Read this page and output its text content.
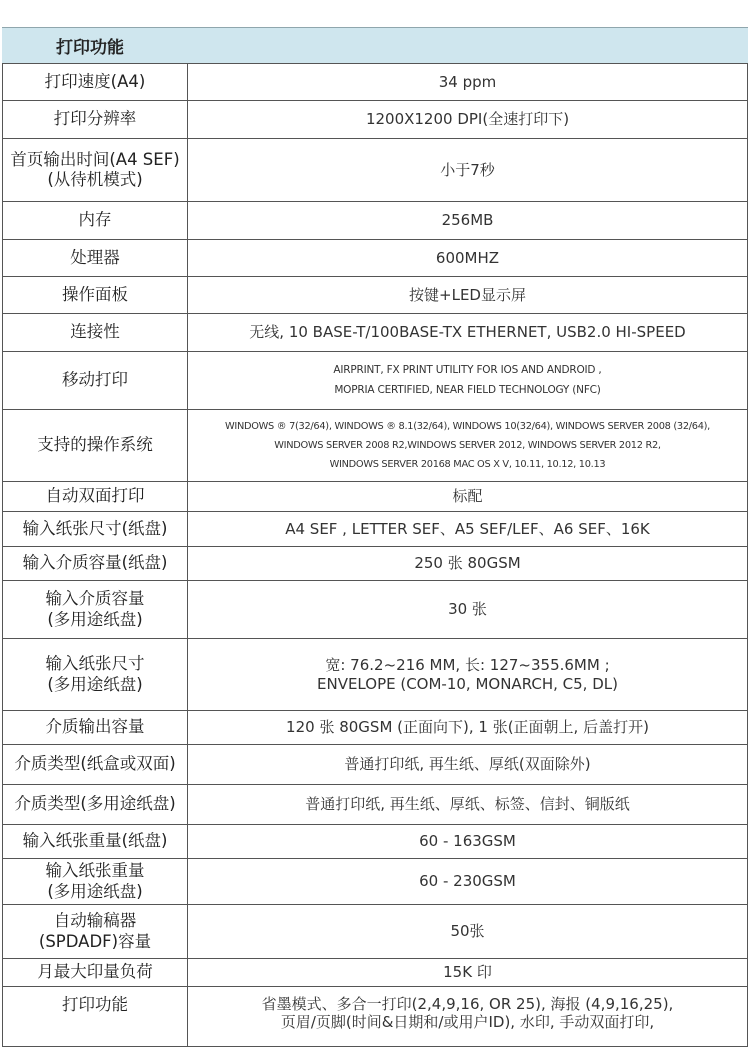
打印功能
打印速度(A4)	34 ppm
打印分辨率	1200X1200 DPI(全速打印下)
首页输出时间(A4 SEF)
(从待机模式)	小于7秒
内存	256MB
处理器	600MHZ
操作面板	按键+LED显示屏
连接性	无线, 10 BASE-T/100BASE-TX ETHERNET, USB2.0 HI-SPEED
移动打印	AIRPRINT, FX PRINT UTILITY FOR IOS AND ANDROID ,
MOPRIA CERTIFIED, NEAR FIELD TECHNOLOGY (NFC)
支持的操作系统	WINDOWS ® 7(32/64), WINDOWS ® 8.1(32/64), WINDOWS 10(32/64), WINDOWS SERVER 2008 (32/64),
WINDOWS SERVER 2008 R2,WINDOWS SERVER 2012, WINDOWS SERVER 2012 R2,
WINDOWS SERVER 20168 MAC OS X V, 10.11, 10.12, 10.13
自动双面打印	标配
输入纸张尺寸(纸盘)	A4 SEF , LETTER SEF、A5 SEF/LEF、A6 SEF、16K
输入介质容量(纸盘)	250 张 80GSM
输入介质容量
(多用途纸盘)	30 张
输入纸张尺寸
(多用途纸盘)	宽: 76.2~216 MM, 长: 127~355.6MM ;
ENVELOPE (COM-10, MONARCH, C5, DL)
介质输出容量	120 张 80GSM (正面向下), 1 张(正面朝上, 后盖打开)
介质类型(纸盒或双面)	普通打印纸, 再生纸、厚纸(双面除外)
介质类型(多用途纸盘)	普通打印纸, 再生纸、厚纸、标签、信封、铜版纸
输入纸张重量(纸盘)	60 - 163GSM
输入纸张重量
(多用途纸盘)	60 - 230GSM
自动输稿器
(SPDADF)容量	50张
月最大印量负荷	15K 印
打印功能	省墨模式、多合一打印(2,4,9,16, OR 25), 海报 (4,9,16,25),
页眉/页脚(时间&日期和/或用户ID), 水印, 手动双面打印,
